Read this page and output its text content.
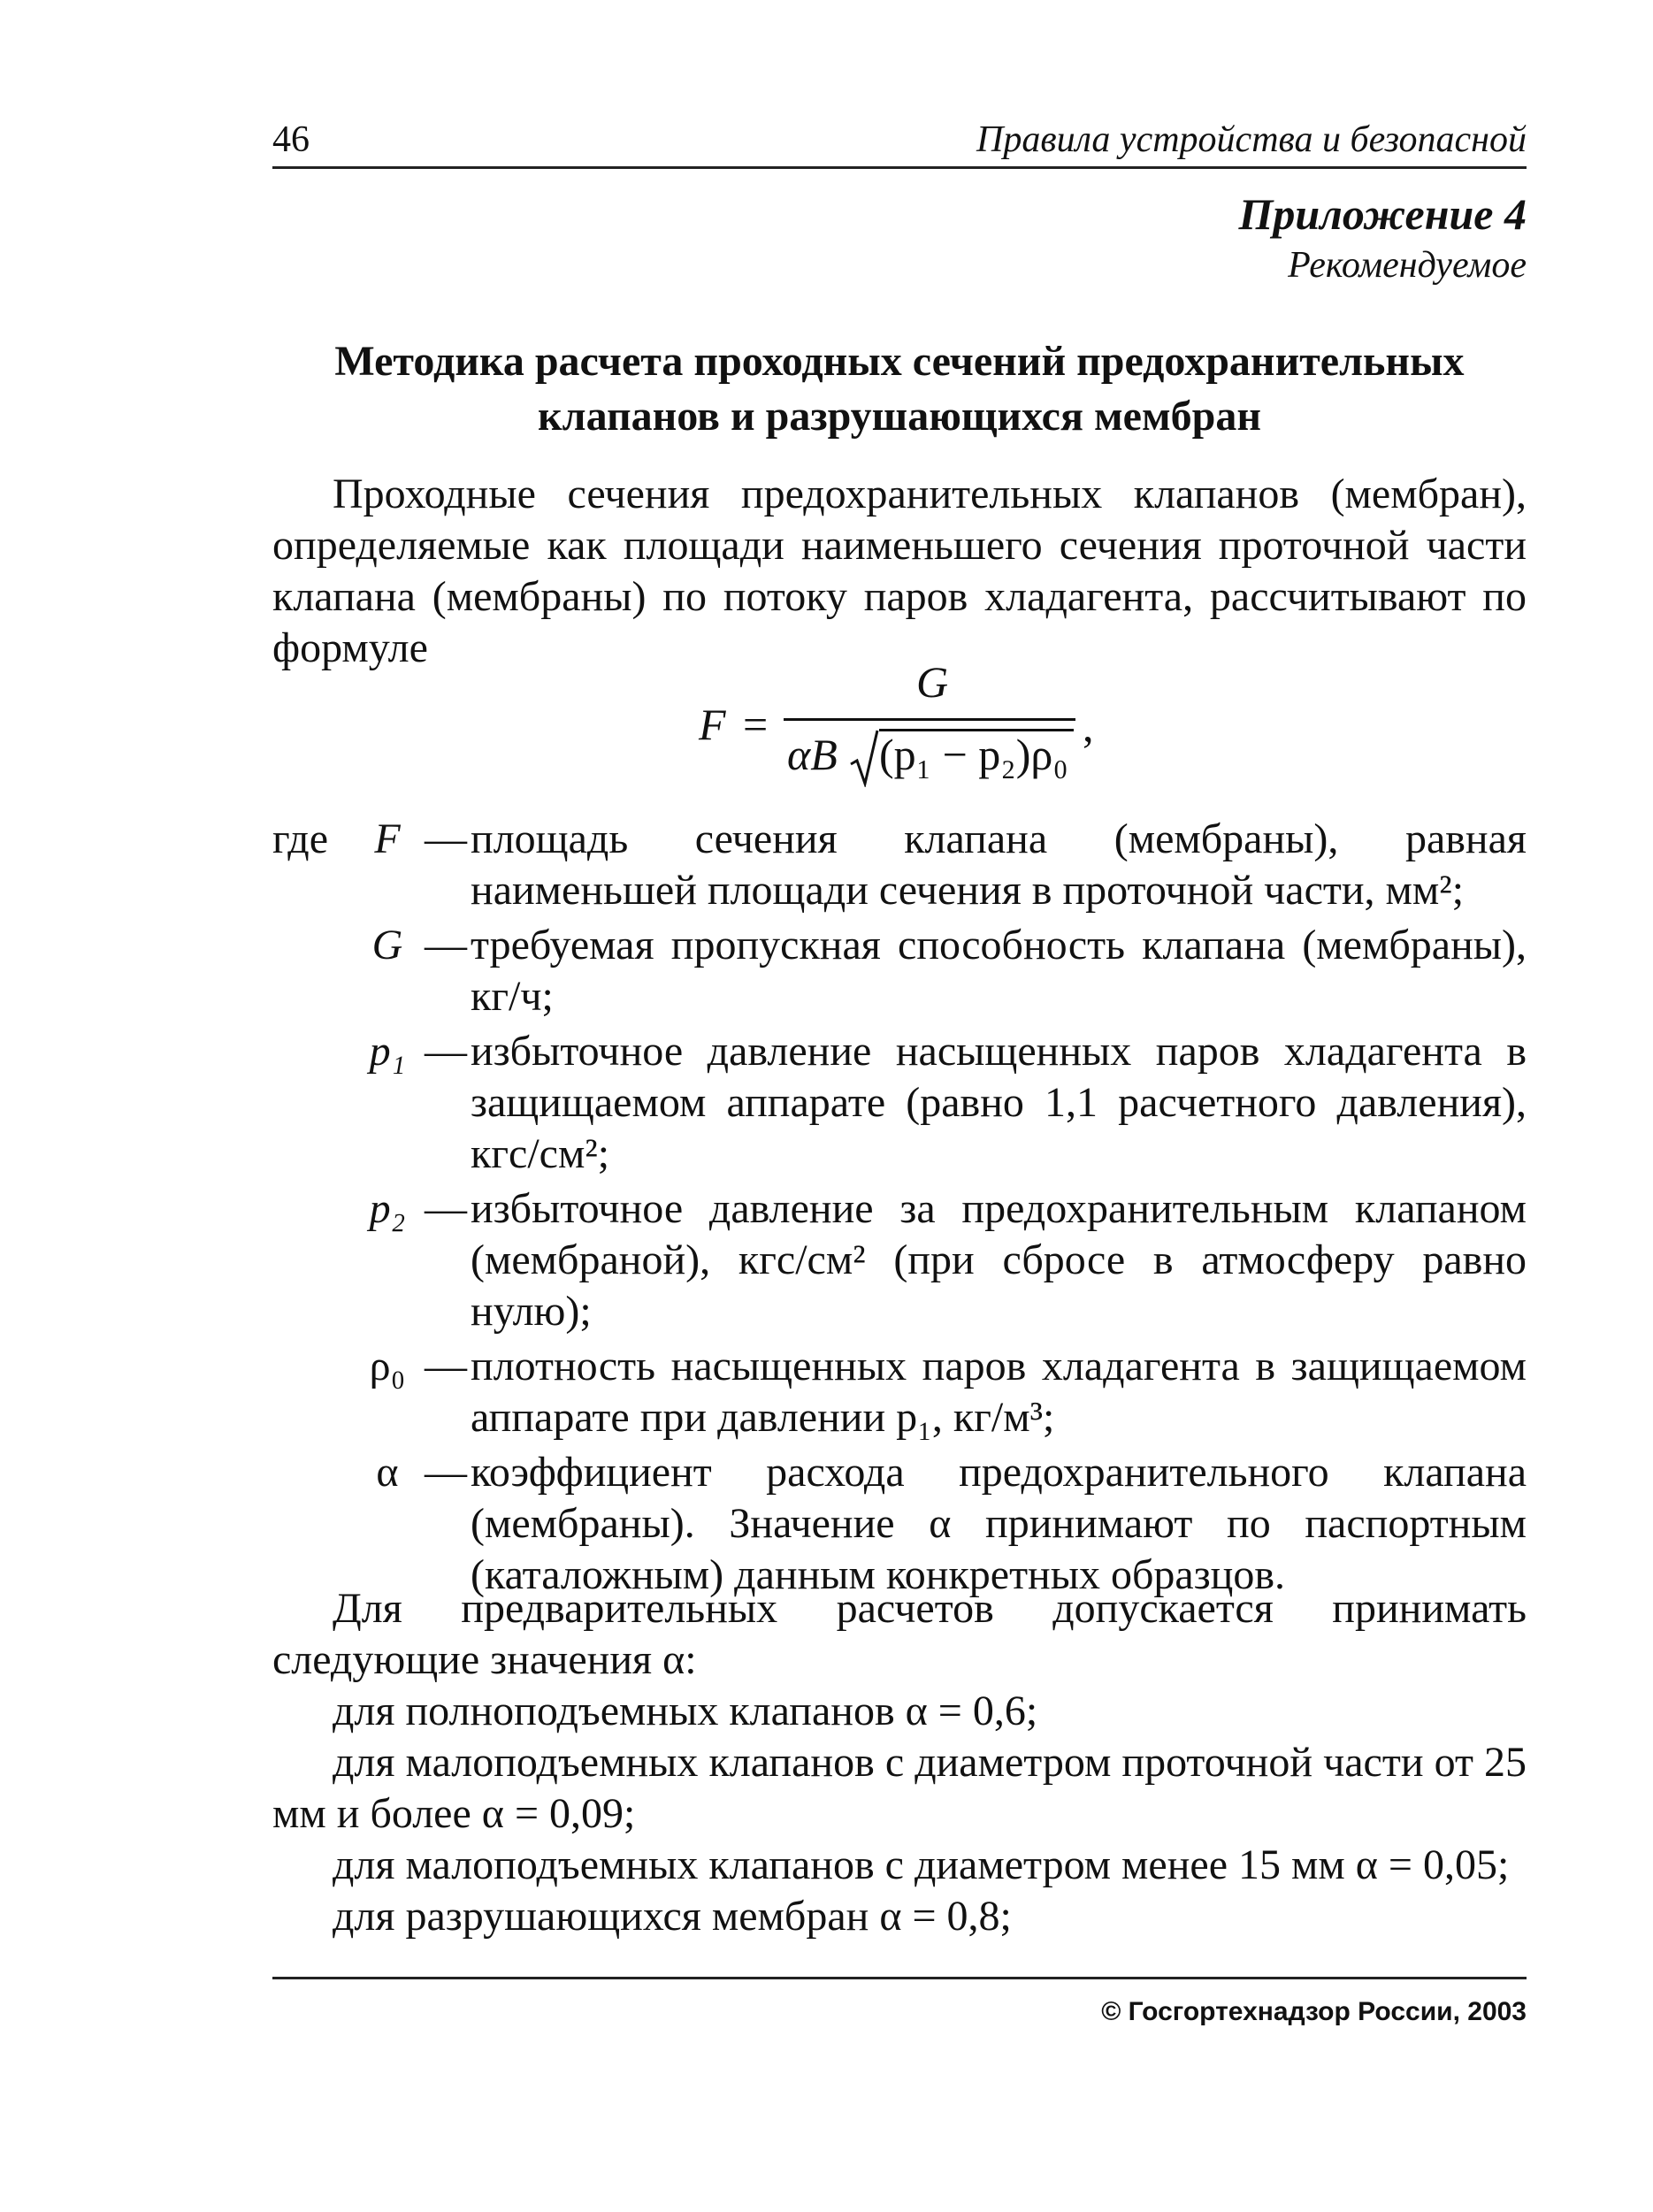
46	Правила устройства и безопасной
Приложение 4
Рекомендуемое
Методика расчета проходных сечений предохранительных
клапанов и разрушающихся мембран
Проходные сечения предохранительных клапанов (мембран), определяемые как площади наименьшего сечения проточной части клапана (мембраны) по потоку паров хладагента, рассчитывают по формуле
F =
G
,
αB (p₁ − p₂)ρ₀
где	F — площадь сечения клапана (мембраны), равная наименьшей площади сечения в проточной части, мм²;
G — требуемая пропускная способность клапана (мембраны), кг/ч;
p₁ — избыточное давление насыщенных паров хладагента в защищаемом аппарате (равно 1,1 расчетного давления), кгс/см²;
p₂ — избыточное давление за предохранительным клапаном (мембраной), кгс/см² (при сбросе в атмосферу равно нулю);
ρ₀ — плотность насыщенных паров хладагента в защищаемом аппарате при давлении p₁, кг/м³;
α — коэффициент расхода предохранительного клапана (мембраны). Значение α принимают по паспортным (каталожным) данным конкретных образцов.
Для предварительных расчетов допускается принимать следующие значения α:
для полноподъемных клапанов α = 0,6;
для малоподъемных клапанов с диаметром проточной части от 25 мм и более α = 0,09;
для малоподъемных клапанов с диаметром менее 15 мм α = 0,05;
для разрушающихся мембран α = 0,8;
© Госгортехнадзор России, 2003
